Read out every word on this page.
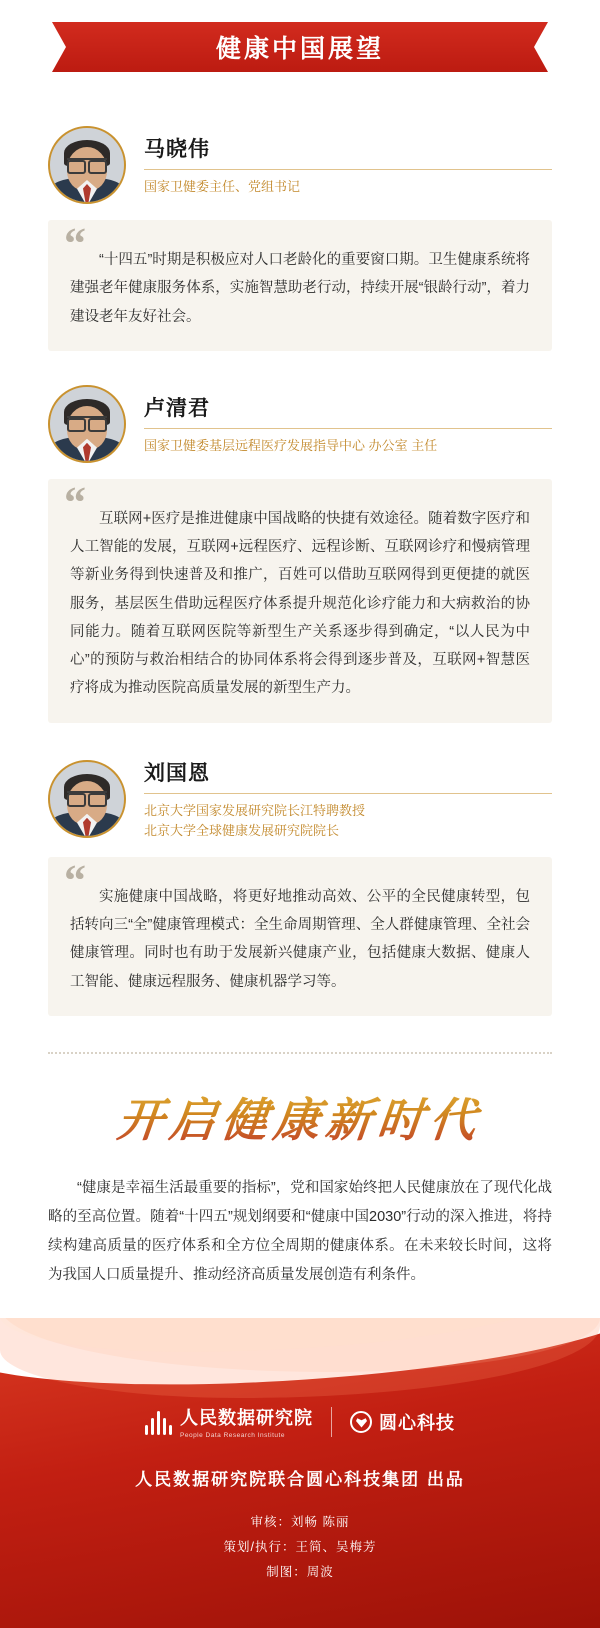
健康中国展望
马晓伟
国家卫健委主任、党组书记
“ “十四五”时期是积极应对人口老龄化的重要窗口期。卫生健康系统将建强老年健康服务体系，实施智慧助老行动，持续开展“银龄行动”，着力建设老年友好社会。
卢清君
国家卫健委基层远程医疗发展指导中心 办公室 主任
“ 互联网+医疗是推进健康中国战略的快捷有效途径。随着数字医疗和人工智能的发展，互联网+远程医疗、远程诊断、互联网诊疗和慢病管理等新业务得到快速普及和推广，百姓可以借助互联网得到更便捷的就医服务，基层医生借助远程医疗体系提升规范化诊疗能力和大病救治的协同能力。随着互联网医院等新型生产关系逐步得到确定，“以人民为中心”的预防与救治相结合的协同体系将会得到逐步普及，互联网+智慧医疗将成为推动医院高质量发展的新型生产力。
刘国恩
北京大学国家发展研究院长江特聘教授
北京大学全球健康发展研究院院长
“ 实施健康中国战略，将更好地推动高效、公平的全民健康转型，包括转向三“全”健康管理模式：全生命周期管理、全人群健康管理、全社会健康管理。同时也有助于发展新兴健康产业，包括健康大数据、健康人工智能、健康远程服务、健康机器学习等。
开启健康新时代
“健康是幸福生活最重要的指标”，党和国家始终把人民健康放在了现代化战略的至高位置。随着“十四五”规划纲要和“健康中国2030”行动的深入推进，将持续构建高质量的医疗体系和全方位全周期的健康体系。在未来较长时间，这将为我国人口质量提升、推动经济高质量发展创造有利条件。
人民数据研究院
People Data Research Institute
圆心科技
人民数据研究院联合圆心科技集团 出品
审核：刘畅 陈丽
策划/执行：王简、吴梅芳
制图：周波
